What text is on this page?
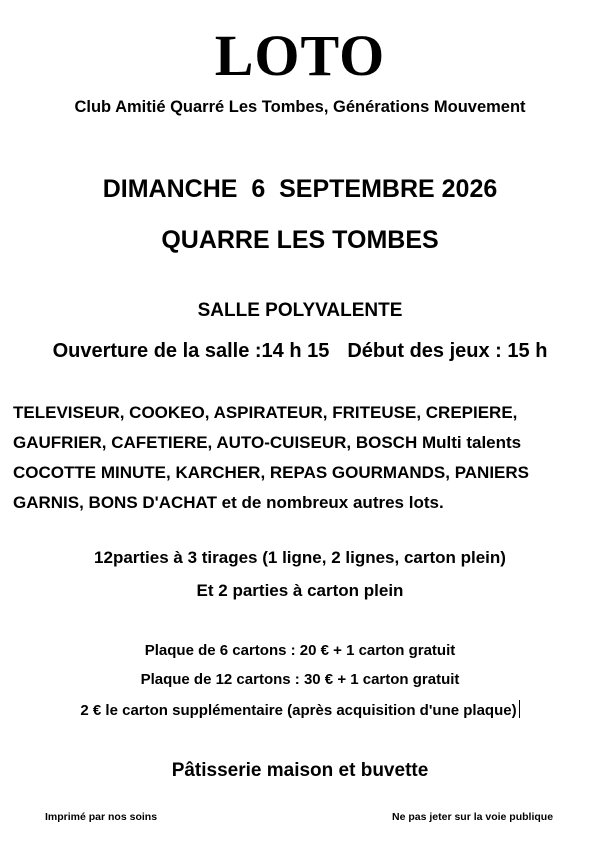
LOTO
Club Amitié Quarré Les Tombes, Générations Mouvement
DIMANCHE  6  SEPTEMBRE 2026
QUARRE LES TOMBES
SALLE POLYVALENTE
Ouverture de la salle :14 h 15 Début des jeux : 15 h
TELEVISEUR, COOKEO, ASPIRATEUR, FRITEUSE, CREPIERE,
GAUFRIER, CAFETIERE, AUTO-CUISEUR, BOSCH Multi talents
COCOTTE MINUTE, KARCHER, REPAS GOURMANDS, PANIERS
GARNIS, BONS D'ACHAT et de nombreux autres lots.
12parties à 3 tirages (1 ligne, 2 lignes, carton plein)
Et 2 parties à carton plein
Plaque de 6 cartons : 20 € + 1 carton gratuit
Plaque de 12 cartons : 30 € + 1 carton gratuit
2 € le carton supplémentaire (après acquisition d'une plaque)
Pâtisserie maison et buvette
Imprimé par nos soins	Ne pas jeter sur la voie publique
